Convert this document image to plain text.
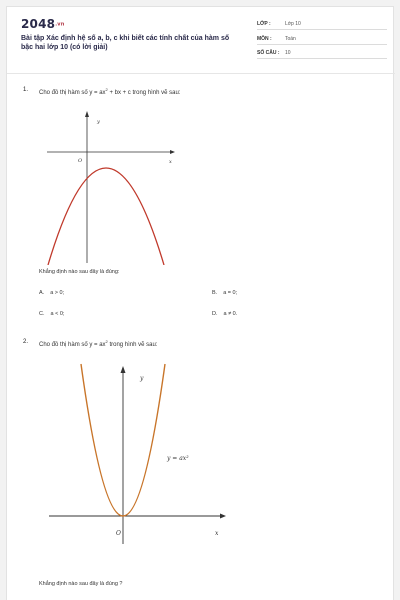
2048.vn
Bài tập Xác định hệ số a, b, c khi biết các tính chất của hàm số bậc hai lớp 10 (có lời giải)
LỚP :	Lớp 10
MÔN :	Toán
SỐ CÂU : 10
1. Cho đồ thị hàm số $y = ax^2$ + bx + c trong hình vẽ sau:
y
x
O
Khẳng định nào sau đây là đúng:
A. a > 0;	B. a = 0;
C. a < 0;	D. a ≠ 0.
2. Cho đồ thị hàm số $y = ax^2$ trong hình vẽ sau:
y
x
O
y = ax²
Khẳng định nào sau đây là đúng ?
